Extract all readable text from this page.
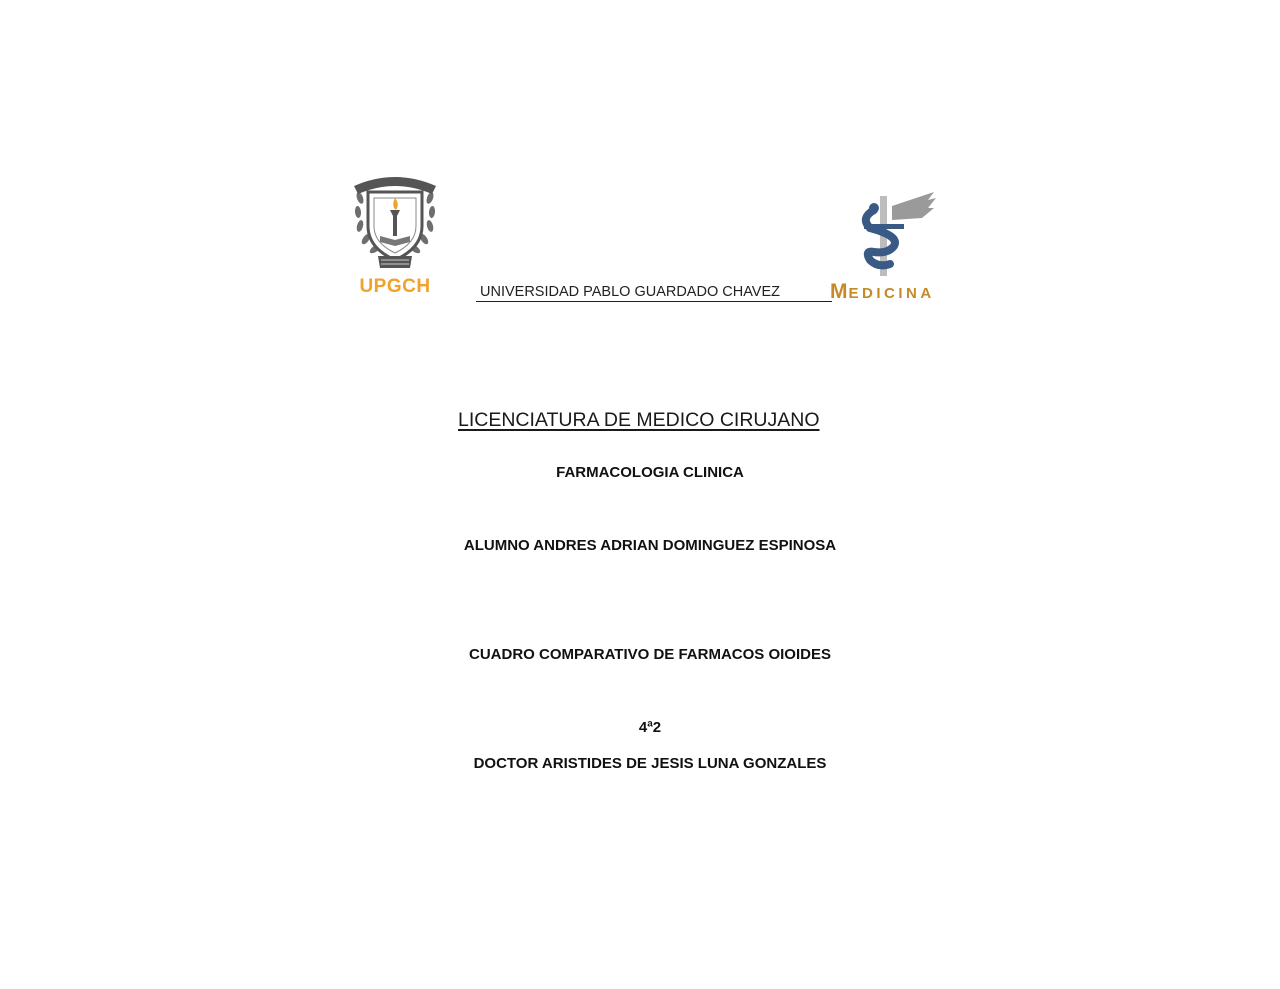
UPGCH	UNIVERSIDAD PABLO GUARDADO CHAVEZ	MEDICINA
LICENCIATURA DE MEDICO CIRUJANO
FARMACOLOGIA CLINICA
ALUMNO ANDRES ADRIAN DOMINGUEZ ESPINOSA
CUADRO COMPARATIVO DE FARMACOS OIOIDES
4ª2
DOCTOR ARISTIDES DE JESIS LUNA GONZALES
